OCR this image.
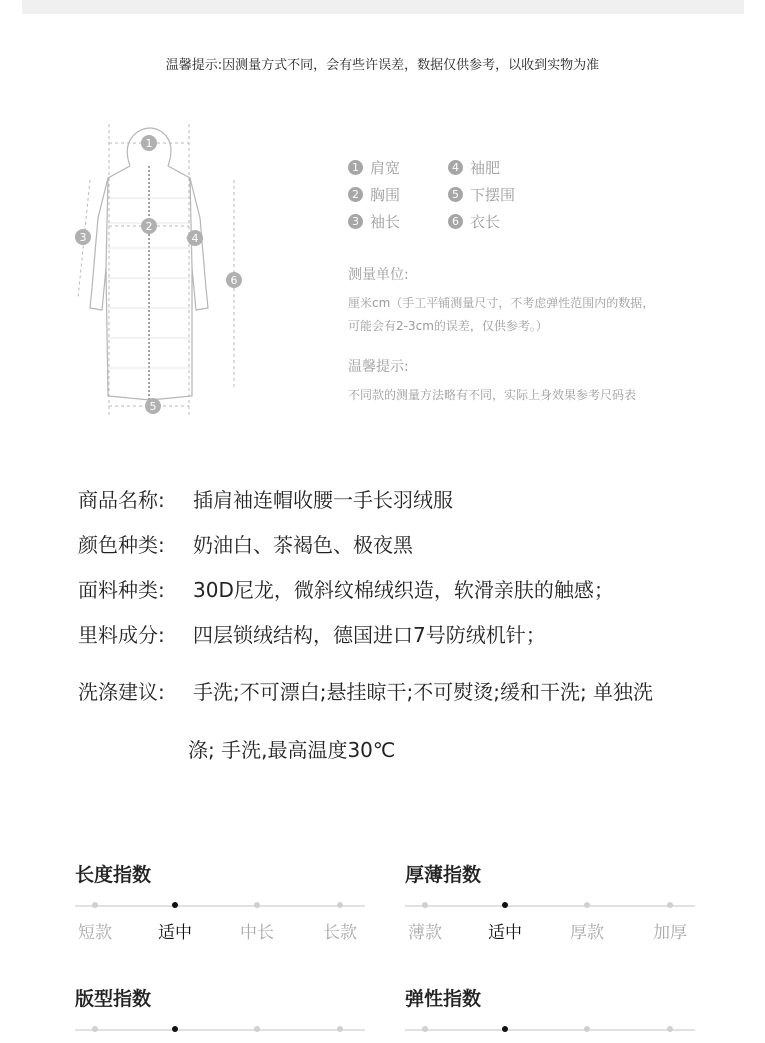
温馨提示:因测量方式不同，会有些许误差，数据仅供参考，以收到实物为准
1
2
3	4
5
6
1 肩宽	4 袖肥
2 胸围	5 下摆围
3 袖长	6 衣长
测量单位:
厘米cm（手工平铺测量尺寸，不考虑弹性范围内的数据，
可能会有2-3cm的误差，仅供参考。）
温馨提示:
不同款的测量方法略有不同，实际上身效果参考尺码表
商品名称: 插肩袖连帽收腰一手长羽绒服
颜色种类: 奶油白、茶褐色、极夜黑
面料种类: 30D尼龙，微斜纹棉绒织造，软滑亲肤的触感；
里料成分: 四层锁绒结构，德国进口7号防绒机针；
洗涤建议: 手洗;不可漂白;悬挂晾干;不可熨烫;缓和干洗; 单独洗
涤; 手洗,最高温度30℃
长度指数
短款	适中	中长	长款
厚薄指数
薄款	适中	厚款	加厚
版型指数	弹性指数
